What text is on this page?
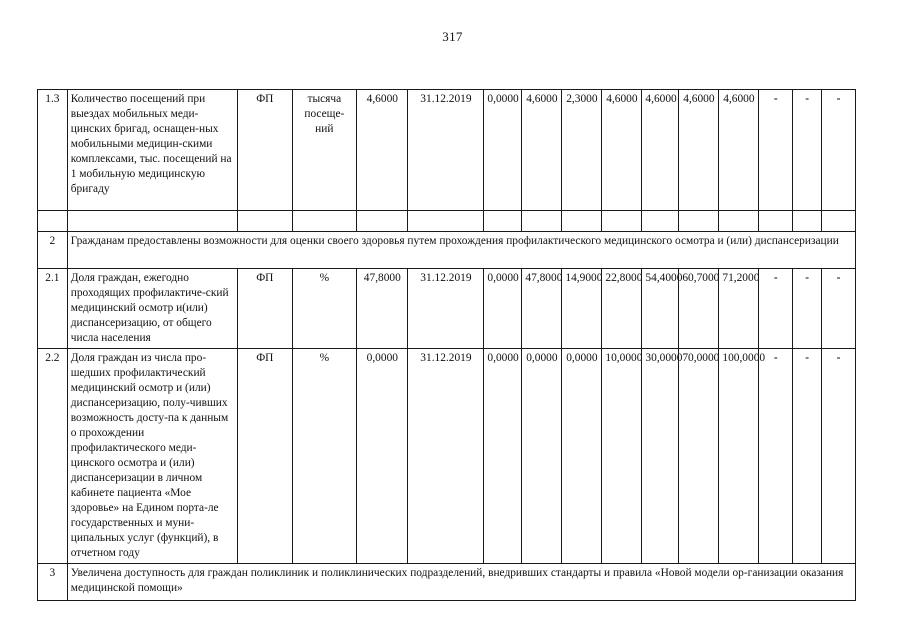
317
1.3	Количество посещений при выездах мобильных меди-цинских бригад, оснащен-ных мобильными медицин-скими комплексами, тыс. посещений на 1 мобильную медицинскую бригаду	ФП	тысяча посеще-ний	4,6000	31.12.2019	0,0000	4,6000	2,3000	4,6000	4,6000	4,6000	4,6000	-	-	-

2	Гражданам предоставлены возможности для оценки своего здоровья путем прохождения профилактического медицинского осмотра и (или) диспансеризации														
2.1	Доля граждан, ежегодно проходящих профилактиче-ский медицинский осмотр и(или) диспансеризацию, от общего числа населения	ФП	%	47,8000	31.12.2019	0,0000	47,8000	14,9000	22,8000	54,4000	60,7000	71,2000	-	-	-
2.2	Доля граждан из числа про-шедших профилактический медицинский осмотр и (или) диспансеризацию, полу-чивших возможность досту-па к данным о прохождении профилактического меди-цинского осмотра и (или) диспансеризации в личном кабинете пациента «Мое здоровье» на Едином порта-ле государственных и муни-ципальных услуг (функций), в отчетном году	ФП	%	0,0000	31.12.2019	0,0000	0,0000	0,0000	10,0000	30,0000	70,0000	100,0000	-	-	-
3	Увеличена доступность для граждан поликлиник и поликлинических подразделений, внедривших стандарты и правила «Новой модели ор-ганизации оказания медицинской помощи»														
